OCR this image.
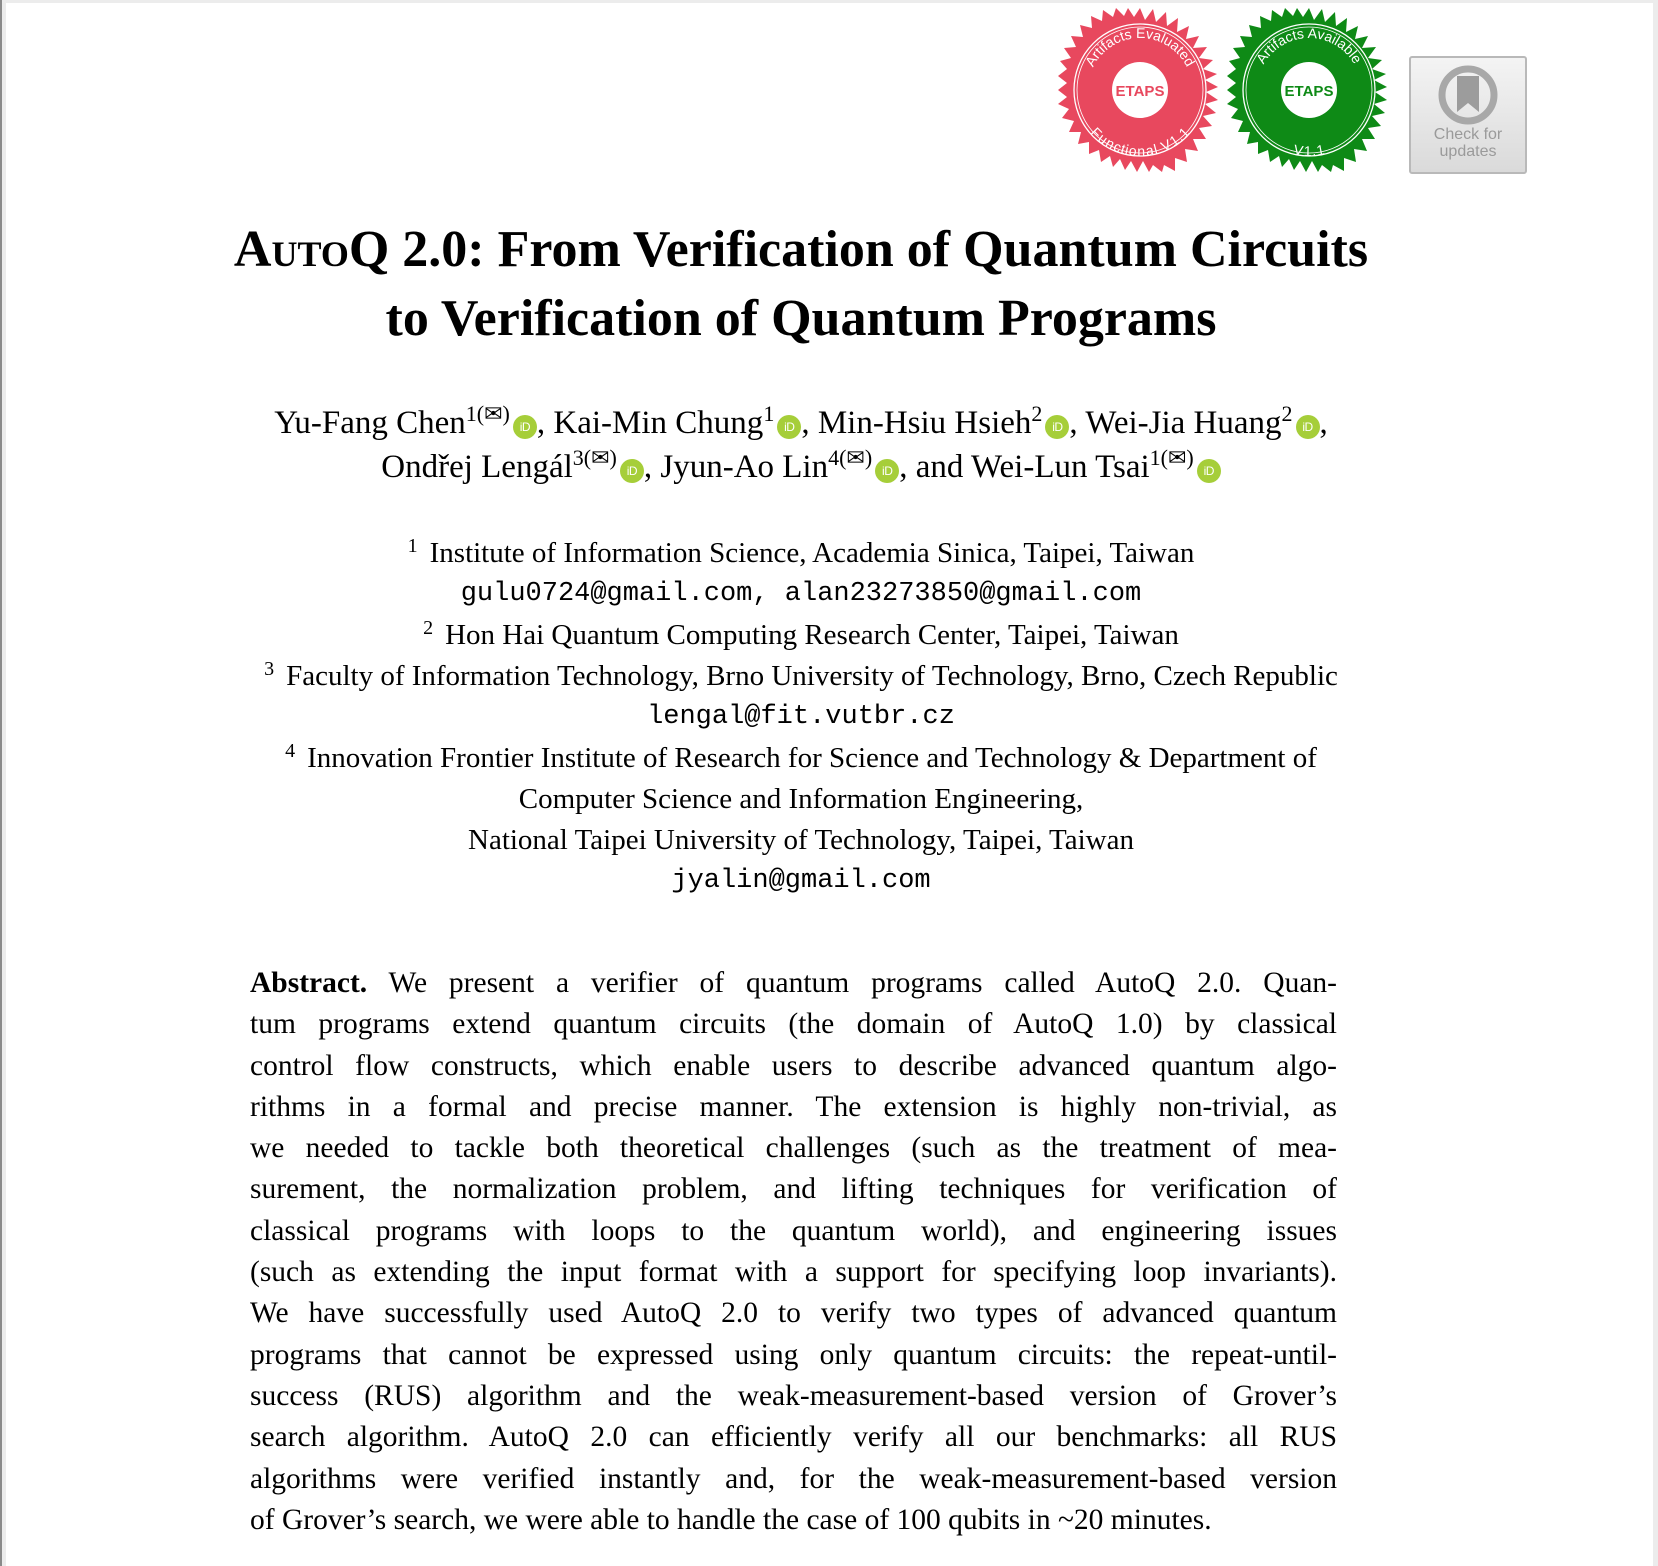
ETAPS
Artifacts Evaluated
Functional V1.1
ETAPS
Artifacts Available
V1.1
Check for
updates
AutoQ 2.0: From Verification of Quantum Circuits
to Verification of Quantum Programs
Yu-Fang Chen$^{1(✉)}$iD , Kai-Min Chung$^1$iD , Min-Hsiu Hsieh$^2$iD , Wei-Jia Huang$^2$iD ,
Ondřej Lengál$^{3(✉)}$iD , Jyun-Ao Lin$^{4(✉)}$iD , and Wei-Lun Tsai$^{1(✉)}$iD
$^1$ Institute of Information Science, Academia Sinica, Taipei, Taiwan
gulu0724@gmail.com, alan23273850@gmail.com
$^2$ Hon Hai Quantum Computing Research Center, Taipei, Taiwan
$^3$ Faculty of Information Technology, Brno University of Technology, Brno, Czech Republic
lengal@fit.vutbr.cz
$^4$ Innovation Frontier Institute of Research for Science and Technology & Department of
Computer Science and Information Engineering,
National Taipei University of Technology, Taipei, Taiwan
jyalin@gmail.com
Abstract. We present a verifier of quantum programs called AutoQ 2.0. Quan-
tum programs extend quantum circuits (the domain of AutoQ 1.0) by classical
control flow constructs, which enable users to describe advanced quantum algo-
rithms in a formal and precise manner. The extension is highly non-trivial, as
we needed to tackle both theoretical challenges (such as the treatment of mea-
surement, the normalization problem, and lifting techniques for verification of
classical programs with loops to the quantum world), and engineering issues
(such as extending the input format with a support for specifying loop invariants).
We have successfully used AutoQ 2.0 to verify two types of advanced quantum
programs that cannot be expressed using only quantum circuits: the repeat-until-
success (RUS) algorithm and the weak-measurement-based version of Grover’s
search algorithm. AutoQ 2.0 can efficiently verify all our benchmarks: all RUS
algorithms were verified instantly and, for the weak-measurement-based version
of Grover’s search, we were able to handle the case of 100 qubits in ~20 minutes.
